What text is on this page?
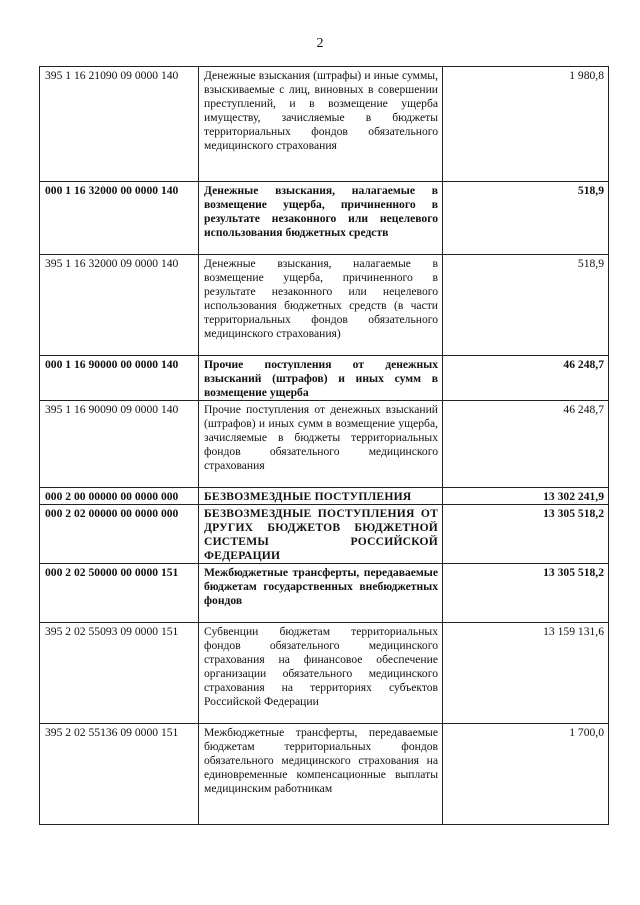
2
395 1 16 21090 09 0000 140	Денежные взыскания (штрафы) и иные суммы, взыскиваемые с лиц, виновных в совершении преступлений, и в возмещение ущерба имуществу, зачисляемые в бюджеты территориальных фондов обязательного медицинского страхования	1 980,8
000 1 16 32000 00 0000 140	Денежные взыскания, налагаемые в возмещение ущерба, причиненного в результате незаконного или нецелевого использования бюджетных средств	518,9
395 1 16 32000 09 0000 140	Денежные взыскания, налагаемые в возмещение ущерба, причиненного в результате незаконного или нецелевого использования бюджетных средств (в части территориальных фондов обязательного медицинского страхования)	518,9
000 1 16 90000 00 0000 140	Прочие поступления от денежных взысканий (штрафов) и иных сумм в возмещение ущерба	46 248,7
395 1 16 90090 09 0000 140	Прочие поступления от денежных взысканий (штрафов) и иных сумм в возмещение ущерба, зачисляемые в бюджеты территориальных фондов обязательного медицинского страхования	46 248,7
000 2 00 00000 00 0000 000	БЕЗВОЗМЕЗДНЫЕ ПОСТУПЛЕНИЯ	13 302 241,9
000 2 02 00000 00 0000 000	БЕЗВОЗМЕЗДНЫЕ ПОСТУПЛЕНИЯ ОТ ДРУГИХ БЮДЖЕТОВ БЮДЖЕТНОЙ СИСТЕМЫ РОССИЙСКОЙ ФЕДЕРАЦИИ	13 305 518,2
000 2 02 50000 00 0000 151	Межбюджетные трансферты, передаваемые бюджетам государственных внебюджетных фондов	13 305 518,2
395 2 02 55093 09 0000 151	Субвенции бюджетам территориальных фондов обязательного медицинского страхования на финансовое обеспечение организации обязательного медицинского страхования на территориях субъектов Российской Федерации	13 159 131,6
395 2 02 55136 09 0000 151	Межбюджетные трансферты, передаваемые бюджетам территориальных фондов обязательного медицинского страхования на единовременные компенсационные выплаты медицинским работникам	1 700,0
